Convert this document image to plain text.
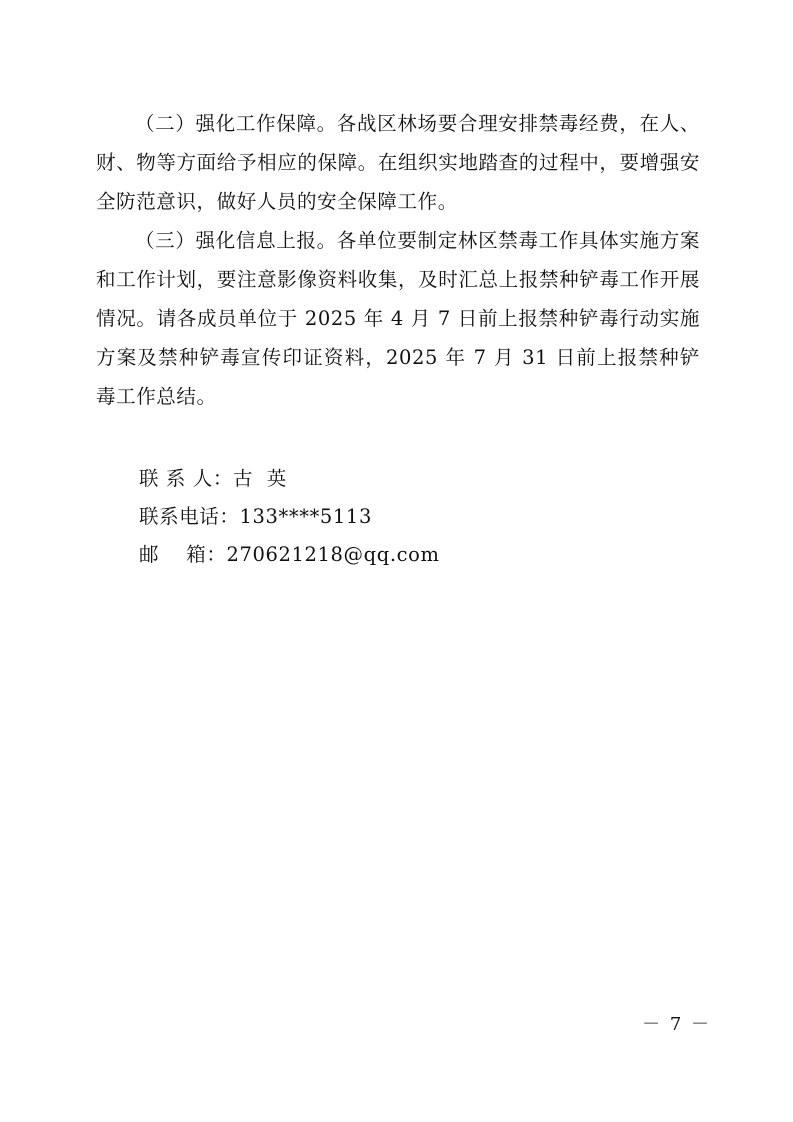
（二）强化工作保障。各战区林场要合理安排禁毒经费，在人、财、物等方面给予相应的保障。在组织实地踏查的过程中，要增强安全防范意识，做好人员的安全保障工作。

（三）强化信息上报。各单位要制定林区禁毒工作具体实施方案和工作计划，要注意影像资料收集，及时汇总上报禁种铲毒工作开展情况。请各成员单位于 2025 年 4 月 7 日前上报禁种铲毒行动实施方案及禁种铲毒宣传印证资料，2025 年 7 月 31 日前上报禁种铲毒工作总结。

联 系 人：古  英
联系电话：133****5113
邮    箱：270621218@qq.com
－ 7 －
